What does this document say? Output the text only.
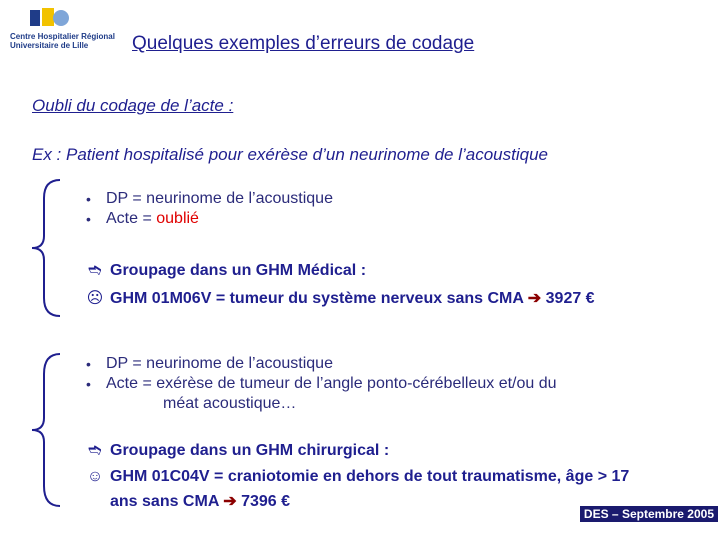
Centre Hospitalier Régional
Universitaire de Lille	Quelques exemples d’erreurs de codage
Oubli du codage de l’acte :
Ex : Patient hospitalisé pour exérèse d’un neurinome de l’acoustique
• DP = neurinome de l’acoustique
• Acte = oublié
➬ Groupage dans un GHM Médical :
☹ GHM 01M06V = tumeur du système nerveux sans CMA ➔ 3927 €
• DP = neurinome de l’acoustique
• Acte = exérèse de tumeur de l’angle ponto-cérébelleux et/ou du
méat acoustique…
➬ Groupage dans un GHM chirurgical :
☺ GHM 01C04V = craniotomie en dehors de tout traumatisme, âge > 17
ans sans CMA ➔ 7396 €
DES – Septembre 2005
